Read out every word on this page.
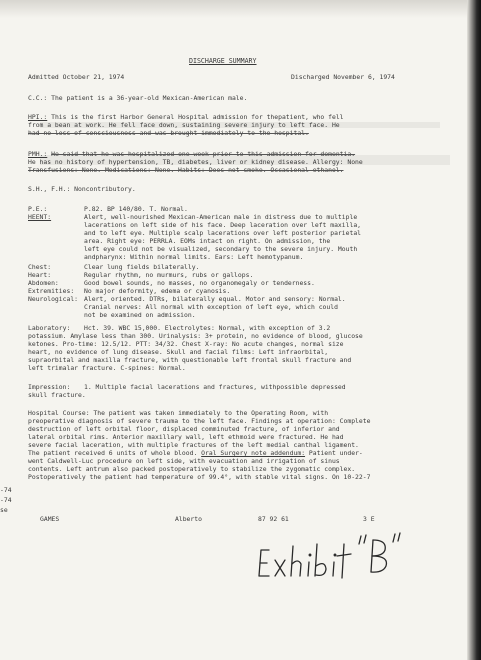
DISCHARGE SUMMARY
Admitted October 21, 1974	Discharged November 6, 1974
C.C.: The patient is a 36-year-old Mexican-American male.
HPI.: This is the first Harbor General Hospital admission for thepatient, who fell
from a bean at work. He fell face down, sustaining severe injury to left face. He
had no loss of consciousness and was brought immediately to the hospital.
PMH.: He said that he was hospitalized one week prior to this admission for dementia.
He has no history of hypertension, TB, diabetes, liver or kidney disease. Allergy: None
Transfusions: None. Medications: None. Habits: Does not smoke. Occasional ethanol.
S.H., F.H.: Noncontributory.
P.E.:	P.82. BP 140/80. T. Normal.
HEENT:	Alert, well-nourished Mexican-American male in distress due to multiple
lacerations on left side of his face. Deep laceration over left maxilla,
and to left eye. Multiple scalp lacerations over left posterior parietal
area. Right eye: PERRLA. EOMs intact on right. On admission, the
left eye could not be visualized, secondary to the severe injury. Mouth
andpharynx: Within normal limits. Ears: Left hemotypanum.
Chest:	Clear lung fields bilaterally.
Heart:	Regular rhythm, no murmurs, rubs or gallops.
Abdomen:	Good bowel sounds, no masses, no organomegaly or tenderness.
Extremities: No major deformity, edema or cyanosis.
Neurological: Alert, oriented. DTRs, bilaterally equal. Motor and sensory: Normal.
Cranial nerves: All normal with exception of left eye, which could
not be examined on admission.
Laboratory: Hct. 39. WBC 15,000. Electrolytes: Normal, with exception of 3.2
potassium. Amylase less than 300. Urinalysis: 3+ protein, no evidence of blood, glucose
ketones. Pro-time: 12.5/12. PTT: 34/32. Chest X-ray: No acute changes, normal size
heart, no evidence of lung disease. Skull and facial films: Left infraorbital,
supraorbital and maxilla fracture, with questionable left frontal skull fracture and
left trimalar fracture. C-spines: Normal.
Impression: 1. Multiple facial lacerations and fractures, withpossible depressed
skull fracture.
Hospital Course: The patient was taken immediately to the Operating Room, with
preoperative diagnosis of severe trauma to the left face. Findings at operation: Complete
destruction of left orbital floor, displaced comminuted fracture, of inferior and
lateral orbital rims. Anterior maxillary wall, left ethmoid were fractured. He had
severe facial laceration, with multiple fractures of the left medial canthal ligament.
The patient received 6 units of whole blood. Oral Surgery note addendum: Patient under-
went Caldwell-Luc procedure on left side, with evacuation and irrigation of sinus
contents. Left antrum also packed postoperatively to stabilize the zygomatic complex.
Postoperatively the patient had temperature of 99.4°, with stable vital signs. On 10-22-7
-74
-74
se
GAMES	Alberto	87 92 61	3 E
